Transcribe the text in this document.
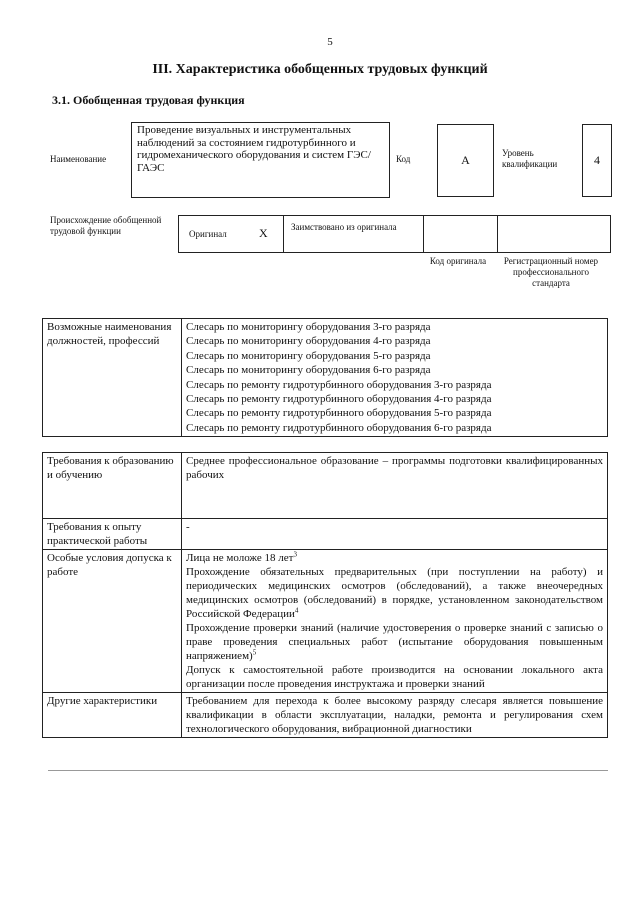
5
III. Характеристика обобщенных трудовых функций
3.1. Обобщенная трудовая функция
Наименование
Проведение визуальных и инструментальных наблюдений за состоянием гидротурбинного и гидромеханического оборудования и систем ГЭС/ГАЭС
Код	A	Уровень квалификации	4
Происхождение обобщенной трудовой функции	Оригинал	X	Заимствовано из оригинала
Код оригинала	Регистрационный номер профессионального стандарта
Возможные наименования должностей, профессий	
Слесарь по мониторингу оборудования 3-го разряда
Слесарь по мониторингу оборудования 4-го разряда
Слесарь по мониторингу оборудования 5-го разряда
Слесарь по мониторингу оборудования 6-го разряда
Слесарь по ремонту гидротурбинного оборудования 3-го разряда
Слесарь по ремонту гидротурбинного оборудования 4-го разряда
Слесарь по ремонту гидротурбинного оборудования 5-го разряда
Слесарь по ремонту гидротурбинного оборудования 6-го разряда
Требования к образованию и обучению	Среднее профессиональное образование – программы подготовки квалифицированных рабочих
Требования к опыту практической работы	-
Особые условия допуска к работе	Лица не моложе 18 лет$^3$
Прохождение обязательных предварительных (при поступлении на работу) и периодических медицинских осмотров (обследований), а также внеочередных медицинских осмотров (обследований) в порядке, установленном законодательством Российской Федерации$^4$
Прохождение проверки знаний (наличие удостоверения о проверке знаний с записью о праве проведения специальных работ (испытание оборудования повышенным напряжением)$^5$
Допуск к самостоятельной работе производится на основании локального акта организации после проведения инструктажа и проверки знаний

Другие характеристики	Требованием для перехода к более высокому разряду слесаря является повышение квалификации в области эксплуатации, наладки, ремонта и регулирования схем технологического оборудования, вибрационной диагностики
